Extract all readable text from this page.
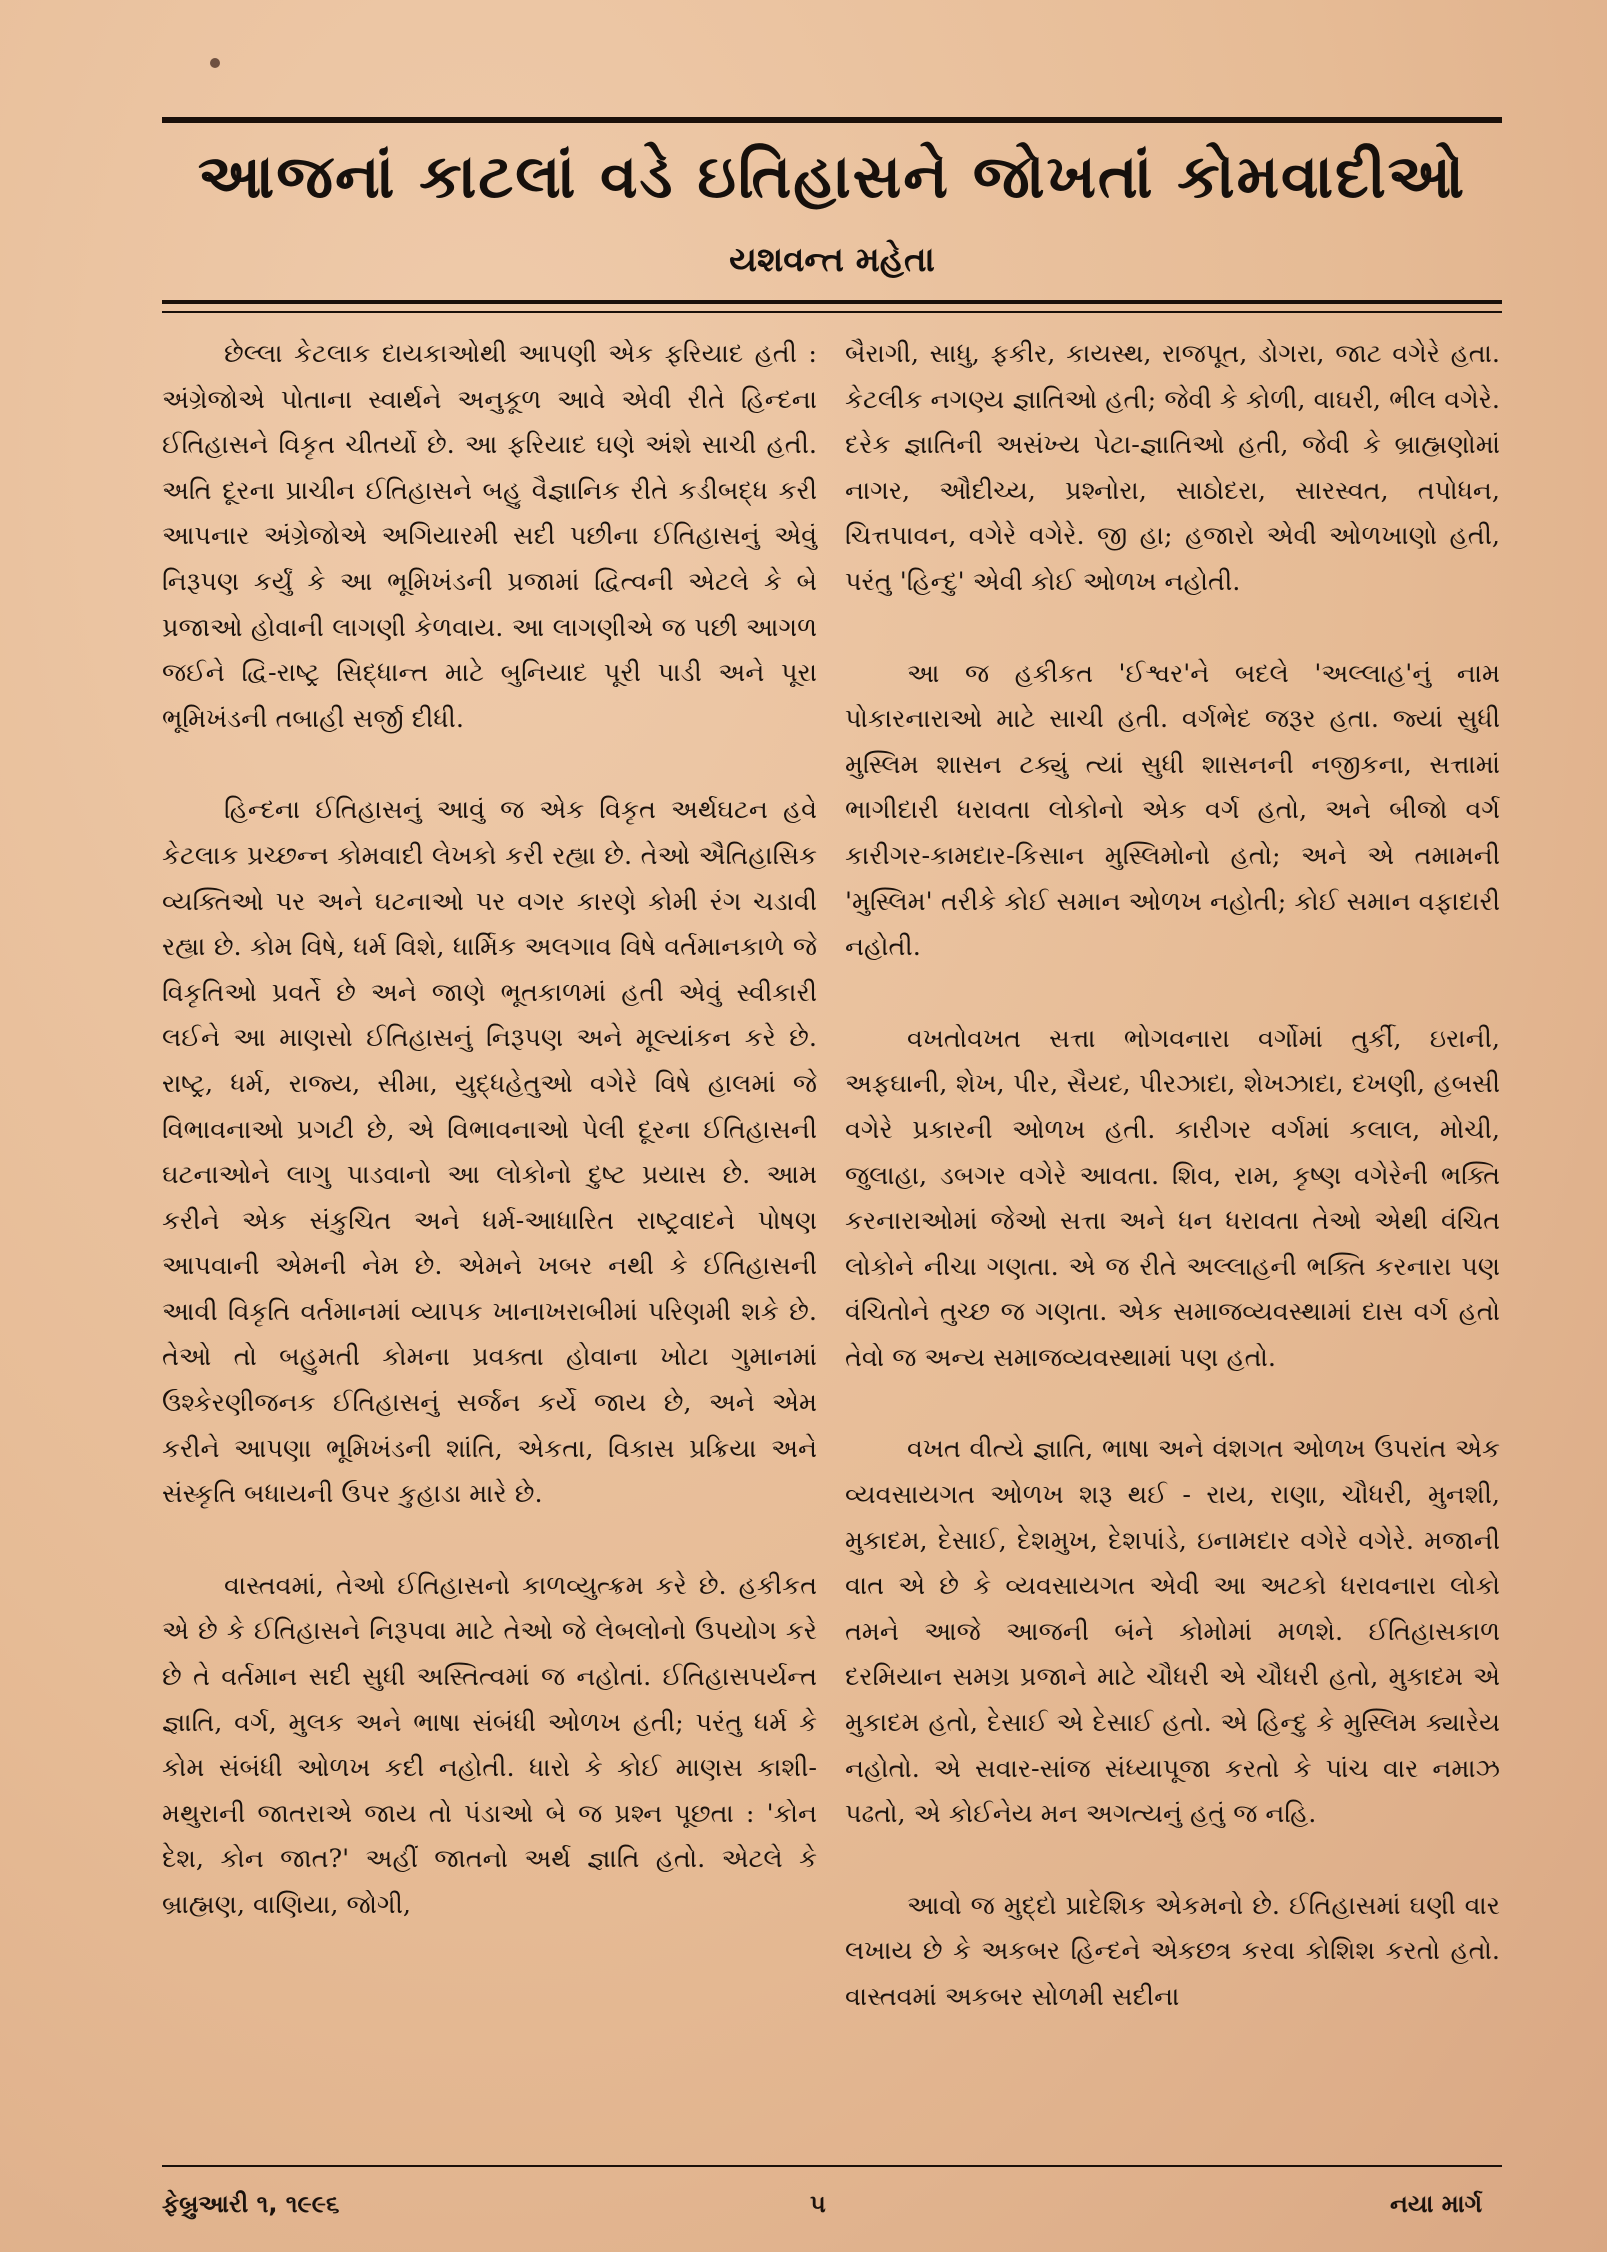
આજનાં કાટલાં વડે ઇતિહાસને જોખતાં કોમવાદીઓ
યશવન્ત મહેતા

છેલ્લા કેટલાક દાયકાઓથી આપણી એક ફરિયાદ હતી : અંગ્રેજોએ પોતાના સ્વાર્થને અનુકૂળ આવે એવી રીતે હિન્દના ઈતિહાસને વિકૃત ચીતર્યો છે. આ ફરિયાદ ઘણે અંશે સાચી હતી. અતિ દૂરના પ્રાચીન ઈતિહાસને બહુ વૈજ્ઞાનિક રીતે કડીબદ્ધ કરી આપનાર અંગ્રેજોએ અગિયારમી સદી પછીના ઈતિહાસનું એવું નિરૂપણ કર્યું કે આ ભૂમિખંડની પ્રજામાં દ્વિત્વની એટલે કે બે પ્રજાઓ હોવાની લાગણી કેળવાય. આ લાગણીએ જ પછી આગળ જઈને દ્વિ-રાષ્ટ્ર સિદ્ધાન્ત માટે બુનિયાદ પૂરી પાડી અને પૂરા ભૂમિખંડની તબાહી સર્જી દીધી.

હિન્દના ઈતિહાસનું આવું જ એક વિકૃત અર્થઘટન હવે કેટલાક પ્રચ્છન્ન કોમવાદી લેખકો કરી રહ્યા છે. તેઓ ઐતિહાસિક વ્યક્તિઓ પર અને ઘટનાઓ પર વગર કારણે કોમી રંગ ચડાવી રહ્યા છે. કોમ વિષે, ધર્મ વિશે, ધાર્મિક અલગાવ વિષે વર્તમાનકાળે જે વિકૃતિઓ પ્રવર્તે છે અને જાણે ભૂતકાળમાં હતી એવું સ્વીકારી લઈને આ માણસો ઈતિહાસનું નિરૂપણ અને મૂલ્યાંકન કરે છે. રાષ્ટ્ર, ધર્મ, રાજ્ય, સીમા, યુદ્ધહેતુઓ વગેરે વિષે હાલમાં જે વિભાવનાઓ પ્રગટી છે, એ વિભાવનાઓ પેલી દૂરના ઈતિહાસની ઘટનાઓને લાગુ પાડવાનો આ લોકોનો દુષ્ટ પ્રયાસ છે. આમ કરીને એક સંકુચિત અને ધર્મ-આધારિત રાષ્ટ્રવાદને પોષણ આપવાની એમની નેમ છે. એમને ખબર નથી કે ઈતિહાસની આવી વિકૃતિ વર્તમાનમાં વ્યાપક ખાનાખરાબીમાં પરિણમી શકે છે. તેઓ તો બહુમતી કોમના પ્રવક્તા હોવાના ખોટા ગુમાનમાં ઉશ્કેરણીજનક ઈતિહાસનું સર્જન કર્યે જાય છે, અને એમ કરીને આપણા ભૂમિખંડની શાંતિ, એકતા, વિકાસ પ્રક્રિયા અને સંસ્કૃતિ બધાયની ઉપર કુહાડા મારે છે.

વાસ્તવમાં, તેઓ ઈતિહાસનો કાળવ્યુત્ક્રમ કરે છે. હકીકત એ છે કે ઈતિહાસને નિરૂપવા માટે તેઓ જે લેબલોનો ઉપયોગ કરે છે તે વર્તમાન સદી સુધી અસ્તિત્વમાં જ નહોતાં. ઈતિહાસપર્યન્ત જ્ઞાતિ, વર્ગ, મુલક અને ભાષા સંબંધી ઓળખ હતી; પરંતુ ધર્મ કે કોમ સંબંધી ઓળખ કદી નહોતી. ધારો કે કોઈ માણસ કાશી-મથુરાની જાતરાએ જાય તો પંડાઓ બે જ પ્રશ્ન પૂછતા : 'કોન દેશ, કોન જાત?' અહીં જાતનો અર્થ જ્ઞાતિ હતો. એટલે કે બ્રાહ્મણ, વાણિયા, જોગી,

બૈરાગી, સાધુ, ફકીર, કાયસ્થ, રાજપૂત, ડોગરા, જાટ વગેરે હતા. કેટલીક નગણ્ય જ્ઞાતિઓ હતી; જેવી કે કોળી, વાઘરી, ભીલ વગેરે. દરેક જ્ઞાતિની અસંખ્ય પેટા-જ્ઞાતિઓ હતી, જેવી કે બ્રાહ્મણોમાં નાગર, ઔદીચ્ય, પ્રશ્નોરા, સાઠોદરા, સારસ્વત, તપોધન, ચિત્તપાવન, વગેરે વગેરે. જી હા; હજારો એવી ઓળખાણો હતી, પરંતુ 'હિન્દુ' એવી કોઈ ઓળખ નહોતી.

આ જ હકીકત 'ઈશ્વર'ને બદલે 'અલ્લાહ'નું નામ પોકારનારાઓ માટે સાચી હતી. વર્ગભેદ જરૂર હતા. જ્યાં સુધી મુસ્લિમ શાસન ટક્યું ત્યાં સુધી શાસનની નજીકના, સત્તામાં ભાગીદારી ધરાવતા લોકોનો એક વર્ગ હતો, અને બીજો વર્ગ કારીગર-કામદાર-કિસાન મુસ્લિમોનો હતો; અને એ તમામની 'મુસ્લિમ' તરીકે કોઈ સમાન ઓળખ નહોતી; કોઈ સમાન વફાદારી નહોતી.

વખતોવખત સત્તા ભોગવનારા વર્ગોમાં તુર્કી, ઇરાની, અફઘાની, શેખ, પીર, સૈયદ, પીરઝાદા, શેખઝાદા, દખણી, હબસી વગેરે પ્રકારની ઓળખ હતી. કારીગર વર્ગમાં કલાલ, મોચી, જુલાહા, ડબગર વગેરે આવતા. શિવ, રામ, કૃષ્ણ વગેરેની ભક્તિ કરનારાઓમાં જેઓ સત્તા અને ધન ધરાવતા તેઓ એથી વંચિત લોકોને નીચા ગણતા. એ જ રીતે અલ્લાહની ભક્તિ કરનારા પણ વંચિતોને તુચ્છ જ ગણતા. એક સમાજવ્યવસ્થામાં દાસ વર્ગ હતો તેવો જ અન્ય સમાજવ્યવસ્થામાં પણ હતો.

વખત વીત્યે જ્ઞાતિ, ભાષા અને વંશગત ઓળખ ઉપરાંત એક વ્યવસાયગત ઓળખ શરૂ થઈ - રાય, રાણા, ચૌધરી, મુનશી, મુકાદમ, દેસાઈ, દેશમુખ, દેશપાંડે, ઇનામદાર વગેરે વગેરે. મજાની વાત એ છે કે વ્યવસાયગત એવી આ અટકો ધરાવનારા લોકો તમને આજે આજની બંને કોમોમાં મળશે. ઈતિહાસકાળ દરમિયાન સમગ્ર પ્રજાને માટે ચૌધરી એ ચૌધરી હતો, મુકાદમ એ મુકાદમ હતો, દેસાઈ એ દેસાઈ હતો. એ હિન્દુ કે મુસ્લિમ ક્યારેય નહોતો. એ સવાર-સાંજ સંધ્યાપૂજા કરતો કે પાંચ વાર નમાઝ પઢતો, એ કોઈનેય મન અગત્યનું હતું જ નહિ.

આવો જ મુદ્દો પ્રાદેશિક એકમનો છે. ઈતિહાસમાં ઘણી વાર લખાય છે કે અકબર હિન્દને એકછત્ર કરવા કોશિશ કરતો હતો. વાસ્તવમાં અકબર સોળમી સદીના

ફેબ્રુઆરી ૧, ૧૯૯૬	૫	નયા માર્ગ
